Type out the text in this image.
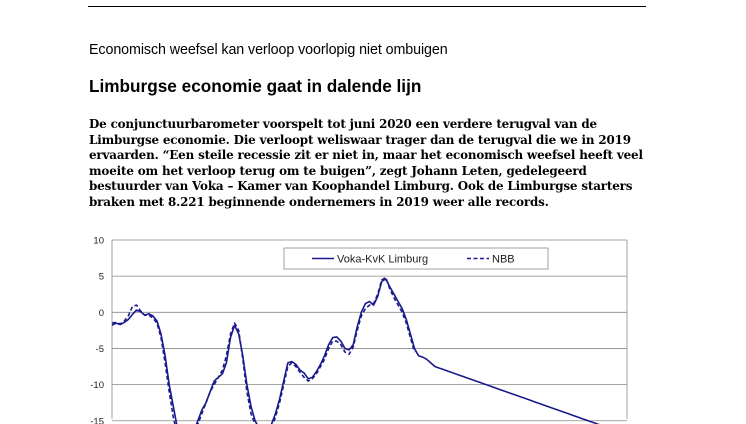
Economisch weefsel kan verloop voorlopig niet ombuigen
Limburgse economie gaat in dalende lijn
De conjunctuurbarometer voorspelt tot juni 2020 een verdere terugval van de Limburgse economie. Die verloopt weliswaar trager dan de terugval die we in 2019 ervaarden. “Een steile recessie zit er niet in, maar het economisch weefsel heeft veel moeite om het verloop terug om te buigen”, zegt Johann Leten, gedelegeerd bestuurder van Voka – Kamer van Koophandel Limburg. Ook de Limburgse starters braken met 8.221 beginnende ondernemers in 2019 weer alle records.
10
5
0
-5
-10
-15
Voka-KvK Limburg	NBB
